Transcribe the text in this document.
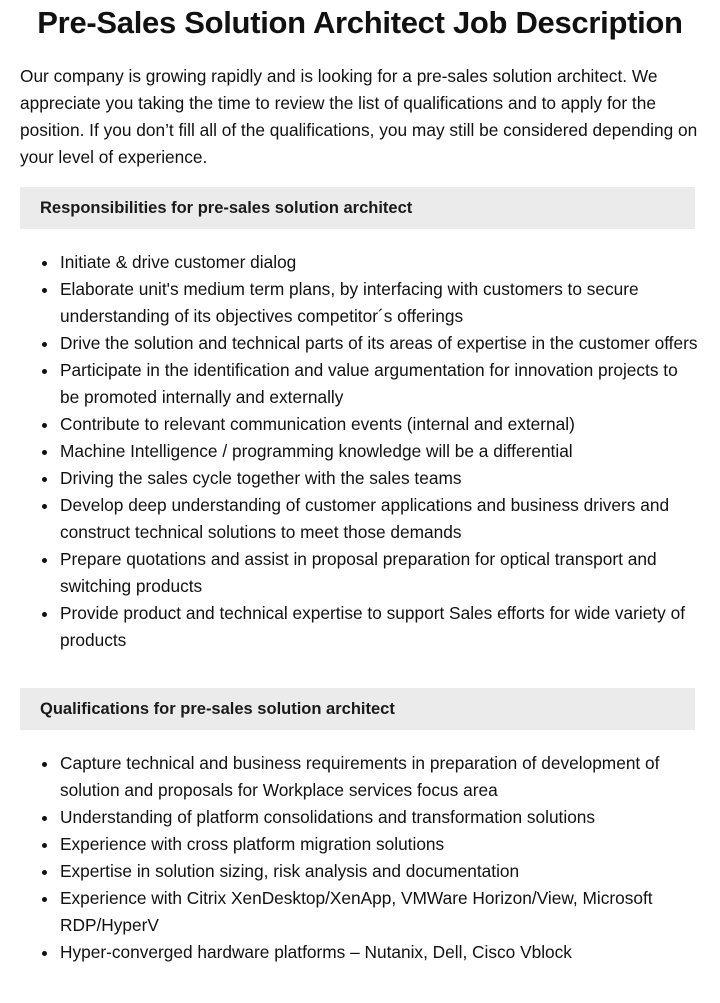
Pre-Sales Solution Architect Job Description

Our company is growing rapidly and is looking for a pre-sales solution architect. We appreciate you taking the time to review the list of qualifications and to apply for the position. If you don’t fill all of the qualifications, you may still be considered depending on your level of experience.

Responsibilities for pre-sales solution architect
Initiate & drive customer dialog
Elaborate unit's medium term plans, by interfacing with customers to secure understanding of its objectives competitor´s offerings
Drive the solution and technical parts of its areas of expertise in the customer offers
Participate in the identification and value argumentation for innovation projects to be promoted internally and externally
Contribute to relevant communication events (internal and external)
Machine Intelligence / programming knowledge will be a differential
Driving the sales cycle together with the sales teams
Develop deep understanding of customer applications and business drivers and construct technical solutions to meet those demands
Prepare quotations and assist in proposal preparation for optical transport and switching products
Provide product and technical expertise to support Sales efforts for wide variety of products
Qualifications for pre-sales solution architect
Capture technical and business requirements in preparation of development of solution and proposals for Workplace services focus area
Understanding of platform consolidations and transformation solutions
Experience with cross platform migration solutions
Expertise in solution sizing, risk analysis and documentation
Experience with Citrix XenDesktop/XenApp, VMWare Horizon/View, Microsoft RDP/HyperV
Hyper-converged hardware platforms – Nutanix, Dell, Cisco Vblock
